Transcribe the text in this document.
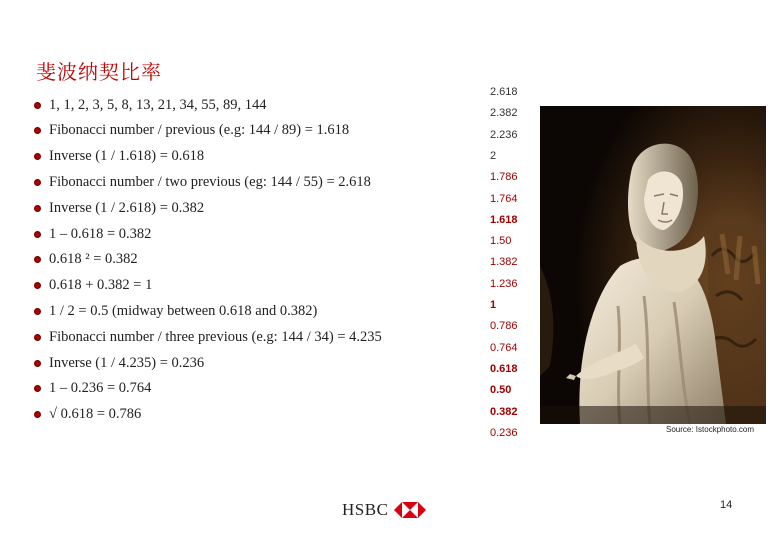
斐波纳契比率
1, 1, 2, 3, 5, 8, 13, 21, 34, 55, 89, 144
Fibonacci number / previous (e.g: 144 / 89) = 1.618
Inverse (1 / 1.618) = 0.618
Fibonacci number / two previous (eg: 144 / 55) = 2.618
Inverse (1 / 2.618) = 0.382
1 – 0.618 = 0.382
0.618 ² = 0.382
0.618 + 0.382 = 1
1 / 2 = 0.5 (midway between 0.618 and 0.382)
Fibonacci number / three previous (e.g: 144 / 34) = 4.235
Inverse (1 / 4.235) = 0.236
1 – 0.236 = 0.764
√ 0.618 = 0.786
2.618
2.382
2.236
2
1.786
1.764
1.618
1.50
1.382
1.236
1
0.786
0.764
0.618
0.50
0.382
0.236	Source: Istockphoto.com
HSBC	14
